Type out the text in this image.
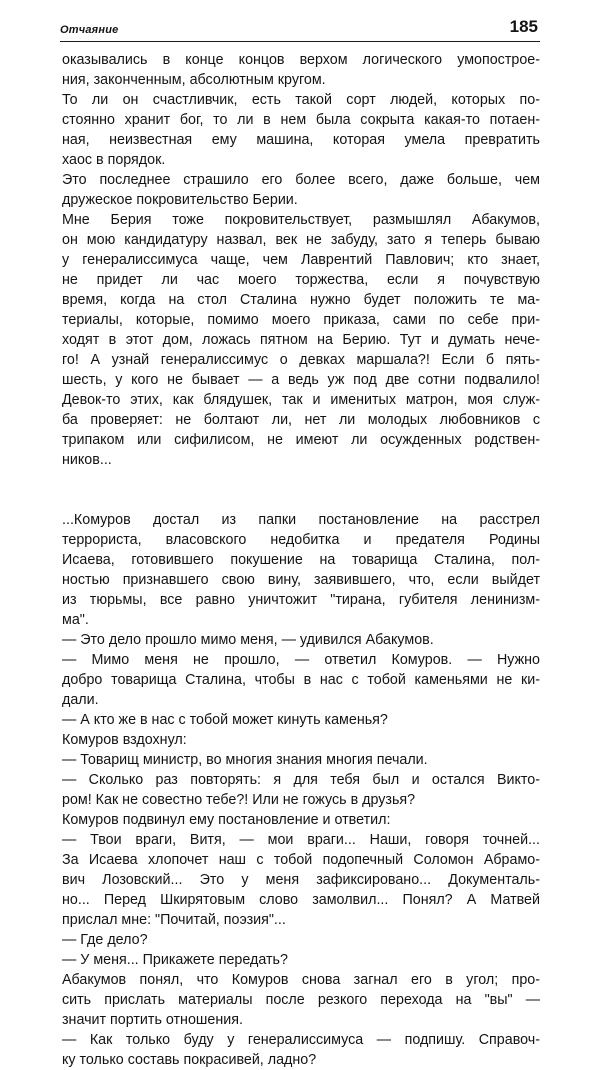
Отчаяние	185
оказывались в конце концов верхом логического умопострое-
ния, законченным, абсолютным кругом.
То ли он счастливчик, есть такой сорт людей, которых по-
стоянно хранит бог, то ли в нем была сокрыта какая-то потаен-
ная, неизвестная ему машина, которая умела превратить
хаос в порядок.
Это последнее страшило его более всего, даже больше, чем
дружеское покровительство Берии.
Мне Берия тоже покровительствует, размышлял Абакумов,
он мою кандидатуру назвал, век не забуду, зато я теперь бываю
у генералиссимуса чаще, чем Лаврентий Павлович; кто знает,
не придет ли час моего торжества, если я почувствую
время, когда на стол Сталина нужно будет положить те ма-
териалы, которые, помимо моего приказа, сами по себе при-
ходят в этот дом, ложась пятном на Берию. Тут и думать нече-
го! А узнай генералиссимус о девках маршала?! Если б пять-
шесть, у кого не бывает — а ведь уж под две сотни подвалило!
Девок-то этих, как блядушек, так и именитых матрон, моя служ-
ба проверяет: не болтают ли, нет ли молодых любовников с
трипаком или сифилисом, не имеют ли осужденных родствен-
ников...
...Комуров достал из папки постановление на расстрел
террориста, власовского недобитка и предателя Родины
Исаева, готовившего покушение на товарища Сталина, пол-
ностью признавшего свою вину, заявившего, что, если выйдет
из тюрьмы, все равно уничтожит "тирана, губителя ленинизм-
ма".
— Это дело прошло мимо меня, — удивился Абакумов.
— Мимо меня не прошло, — ответил Комуров. — Нужно
добро товарища Сталина, чтобы в нас с тобой каменьями не ки-
дали.
— А кто же в нас с тобой может кинуть каменья?
Комуров вздохнул:
— Товарищ министр, во многия знания многия печали.
— Сколько раз повторять: я для тебя был и остался Викто-
ром! Как не совестно тебе?! Или не гожусь в друзья?
Комуров подвинул ему постановление и ответил:
— Твои враги, Витя, — мои враги... Наши, говоря точней...
За Исаева хлопочет наш с тобой подопечный Соломон Абрамо-
вич Лозовский... Это у меня зафиксировано... Документаль-
но... Перед Шкирятовым слово замолвил... Понял? А Матвей
прислал мне: "Почитай, поэзия"...
— Где дело?
— У меня... Прикажете передать?
Абакумов понял, что Комуров снова загнал его в угол; про-
сить прислать материалы после резкого перехода на "вы" —
значит портить отношения.
— Как только буду у генералиссимуса — подпишу. Справоч-
ку только составь покрасивей, ладно?
